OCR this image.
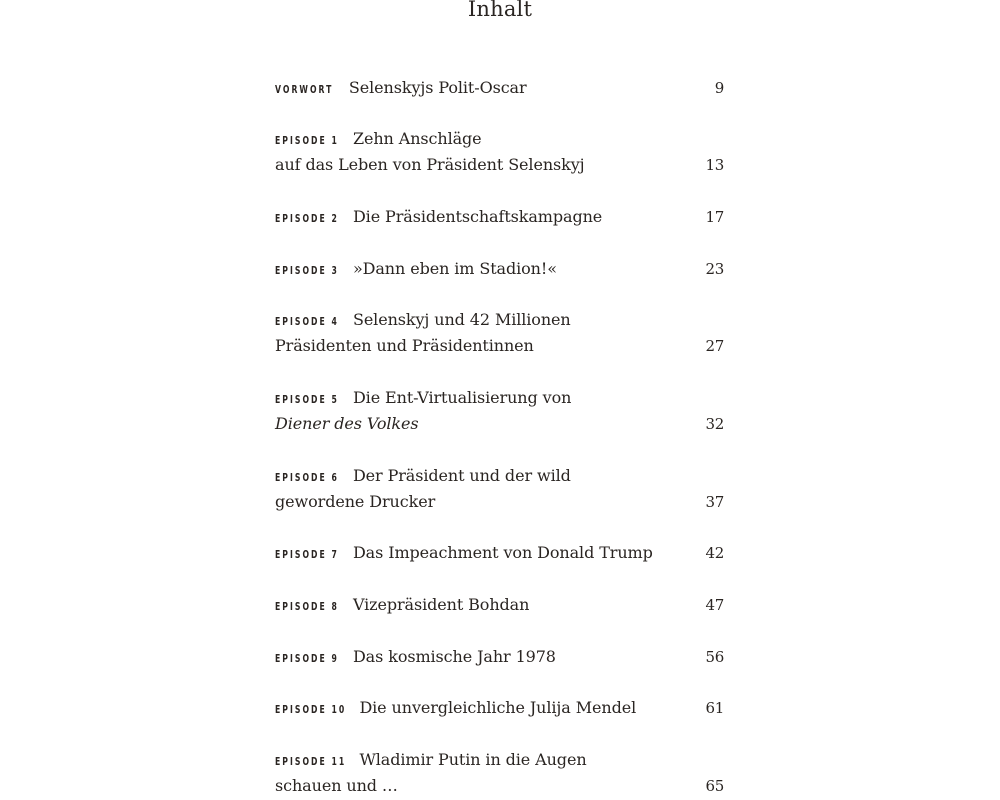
Inhalt
VORWORT Selenskyjs Polit-Oscar	9
EPISODE 1 Zehn Anschläge
auf das Leben von Präsident Selenskyj	13
EPISODE 2 Die Präsidentschaftskampagne	17
EPISODE 3 »Dann eben im Stadion!«	23
EPISODE 4 Selenskyj und 42 Millionen
Präsidenten und Präsidentinnen	27
EPISODE 5 Die Ent-Virtualisierung von
Diener des Volkes	32
EPISODE 6 Der Präsident und der wild
gewordene Drucker	37
EPISODE 7 Das Impeachment von Donald Trump	42
EPISODE 8 Vizepräsident Bohdan	47
EPISODE 9 Das kosmische Jahr 1978	56
EPISODE 10 Die unvergleichliche Julija Mendel	61
EPISODE 11 Wladimir Putin in die Augen
schauen und …	65
